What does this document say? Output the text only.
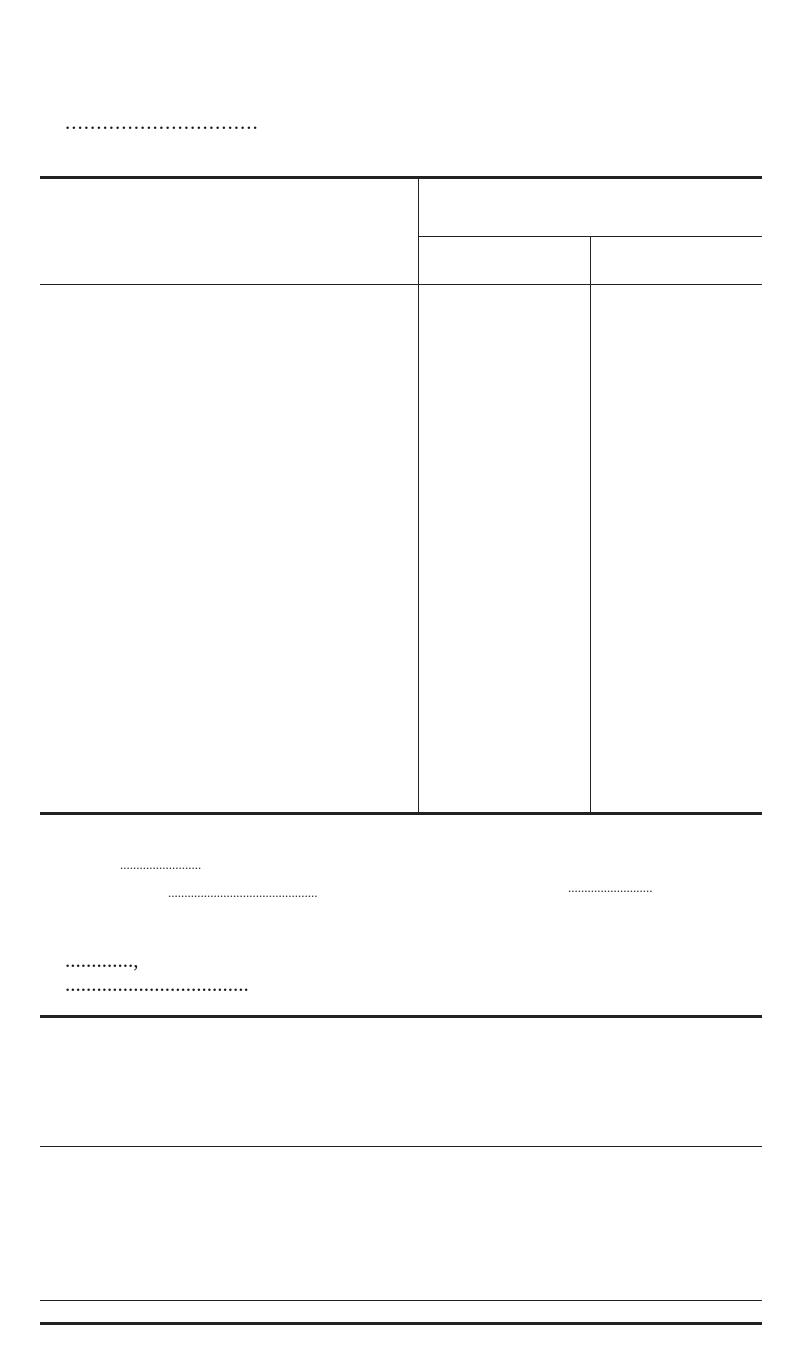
...............................
.........................
..............................................	..........................
.............,
...................................
